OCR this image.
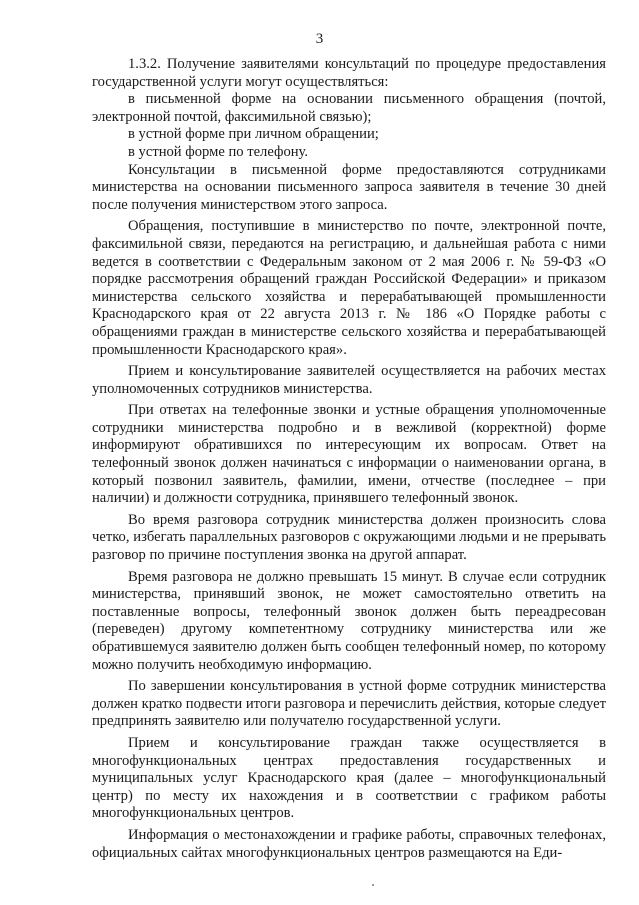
3

1.3.2. Получение заявителями консультаций по процедуре предоставления государственной услуги могут осуществляться:

в письменной форме на основании письменного обращения (почтой, электронной почтой, факсимильной связью);

в устной форме при личном обращении;

в устной форме по телефону.

Консультации в письменной форме предоставляются сотрудниками министерства на основании письменного запроса заявителя в течение 30 дней после получения министерством этого запроса.

Обращения, поступившие в министерство по почте, электронной почте, факсимильной связи, передаются на регистрацию, и дальнейшая работа с ними ведется в соответствии с Федеральным законом от 2 мая 2006 г. № 59-ФЗ «О порядке рассмотрения обращений граждан Российской Федерации» и приказом министерства сельского хозяйства и перерабатывающей промышленности Краснодарского края от 22 августа 2013 г. № 186 «О Порядке работы с обращениями граждан в министерстве сельского хозяйства и перерабатывающей промышленности Краснодарского края».

Прием и консультирование заявителей осуществляется на рабочих местах уполномоченных сотрудников министерства.

При ответах на телефонные звонки и устные обращения уполномоченные сотрудники министерства подробно и в вежливой (корректной) форме информируют обратившихся по интересующим их вопросам. Ответ на телефонный звонок должен начинаться с информации о наименовании органа, в который позвонил заявитель, фамилии, имени, отчестве (последнее – при наличии) и должности сотрудника, принявшего телефонный звонок.

Во время разговора сотрудник министерства должен произносить слова четко, избегать параллельных разговоров с окружающими людьми и не прерывать разговор по причине поступления звонка на другой аппарат.

Время разговора не должно превышать 15 минут. В случае если сотрудник министерства, принявший звонок, не может самостоятельно ответить на поставленные вопросы, телефонный звонок должен быть переадресован (переведен) другому компетентному сотруднику министерства или же обратившемуся заявителю должен быть сообщен телефонный номер, по которому можно получить необходимую информацию.

По завершении консультирования в устной форме сотрудник министерства должен кратко подвести итоги разговора и перечислить действия, которые следует предпринять заявителю или получателю государственной услуги.

Прием и консультирование граждан также осуществляется в многофункциональных центрах предоставления государственных и муниципальных услуг Краснодарского края (далее – многофункциональный центр) по месту их нахождения и в соответствии с графиком работы многофункциональных центров.

Информация о местонахождении и графике работы, справочных телефонах, официальных сайтах многофункциональных центров размещаются на Еди-
